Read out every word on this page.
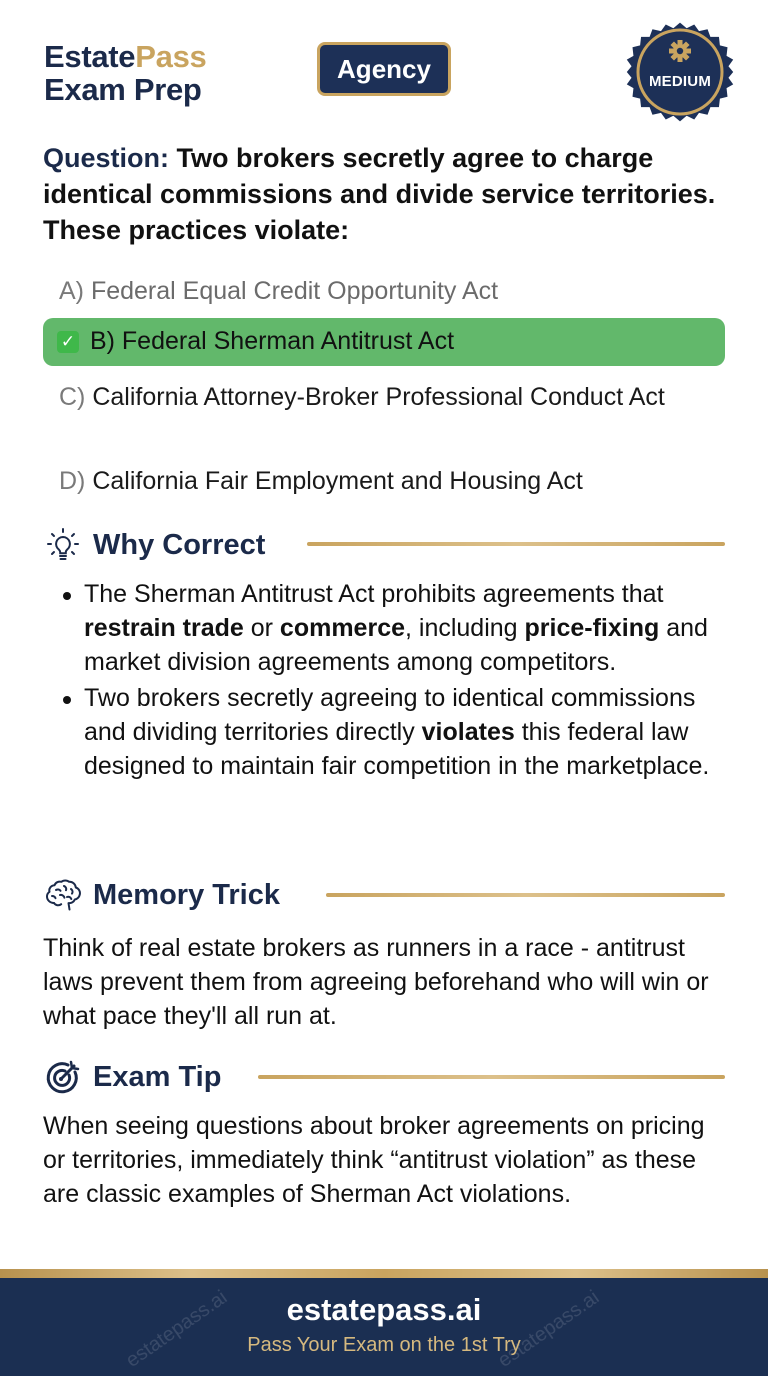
EstatePass
Exam Prep
Agency	MEDIUM
Question: Two brokers secretly agree to charge identical commissions and divide service territories. These practices violate:
A) Federal Equal Credit Opportunity Act
✓ B) Federal Sherman Antitrust Act
C) California Attorney-Broker Professional Conduct Act
D) California Fair Employment and Housing Act
Why Correct
The Sherman Antitrust Act prohibits agreements that restrain trade or commerce, including price-fixing and market division agreements among competitors.
Two brokers secretly agreeing to identical commissions and dividing territories directly violates this federal law designed to maintain fair competition in the marketplace.
Memory Trick
Think of real estate brokers as runners in a race - antitrust laws prevent them from agreeing beforehand who will win or what pace they'll all run at.
Exam Tip
When seeing questions about broker agreements on pricing or territories, immediately think “antitrust violation” as these are classic examples of Sherman Act violations.
estatepass.ai	estatepass.ai
estatepass.ai
Pass Your Exam on the 1st Try
